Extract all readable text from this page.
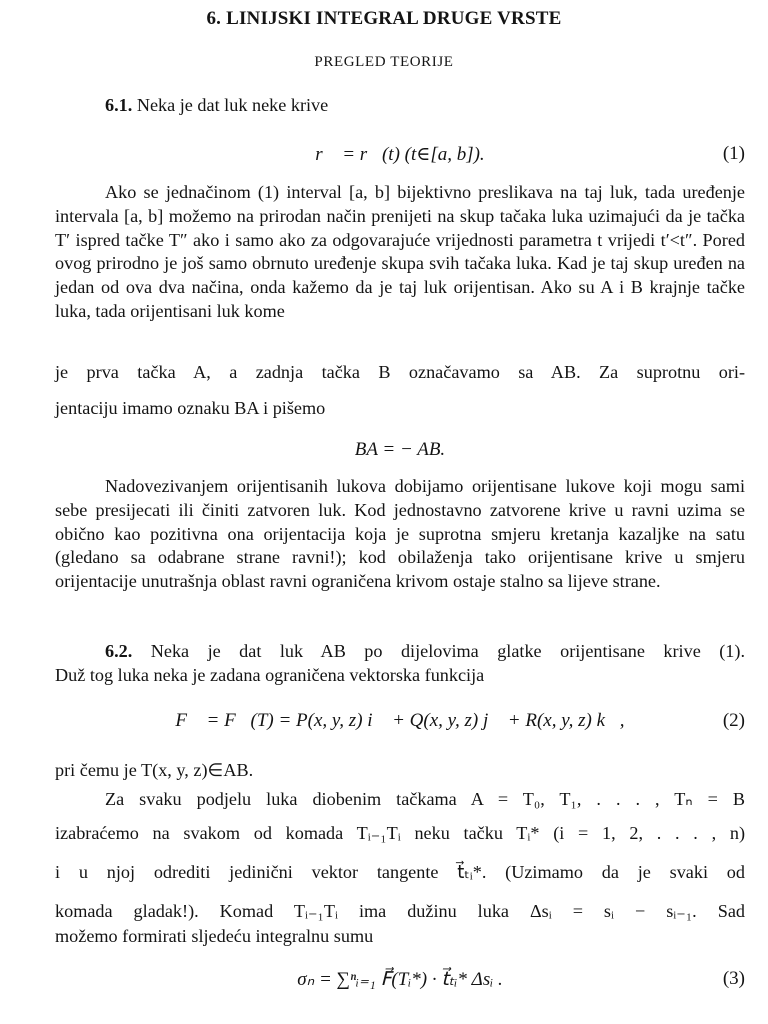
6. LINIJSKI INTEGRAL DRUGE VRSTE
PREGLED TEORIJE
6.1. Neka je dat luk neke krive
r⃗ = r⃗(t) (t∈[a, b]).	(1)
Ako se jednačinom (1) interval [a, b] bijektivno preslikava na taj luk, tada uređenje intervala [a, b] možemo na prirodan način prenijeti na skup tačaka luka uzimajući da je tačka T′ ispred tačke T″ ako i samo ako za odgovarajuće vrijednosti parametra t vrijedi t′<t″. Pored ovog prirodno je još samo obrnuto uređenje skupa svih tačaka luka. Kad je taj skup uređen na jedan od ova dva načina, onda kažemo da je taj luk orijentisan. Ako su A i B krajnje tačke luka, tada orijentisani luk kome
je prva tačka A, a zadnja tačka B označavamo sa AB. Za suprotnu ori-
jentaciju imamo oznaku BA i pišemo
BA = − AB.
Nadovezivanjem orijentisanih lukova dobijamo orijentisane lukove koji mogu sami sebe presijecati ili činiti zatvoren luk. Kod jednostavno zatvorene krive u ravni uzima se obično kao pozitivna ona orijentacija koja je suprotna smjeru kretanja kazaljke na satu (gledano sa odabrane strane ravni!); kod obilaženja tako orijentisane krive u smjeru orijentacije unutrašnja oblast ravni ograničena krivom ostaje stalno sa lijeve strane.
6.2. Neka je dat luk AB po dijelovima glatke orijentisane krive (1).
Duž tog luka neka je zadana ograničena vektorska funkcija
F⃗ = F⃗(T) = P(x, y, z) i⃗ + Q(x, y, z) j⃗ + R(x, y, z) k⃗,	(2)
pri čemu je T(x, y, z)∈AB.
Za svaku podjelu luka diobenim tačkama A = T₀, T₁, . . . , Tₙ = B
izabraćemo na svakom od komada Tᵢ₋₁Tᵢ neku tačku Tᵢ* (i = 1, 2, . . . , n)
i u njoj odrediti jedinični vektor tangente t⃗ₜᵢ*. (Uzimamo da je svaki od
komada gladak!). Komad Tᵢ₋₁Tᵢ ima dužinu luka Δsᵢ = sᵢ − sᵢ₋₁. Sad
možemo formirati sljedeću integralnu sumu
σₙ = ∑ⁿᵢ₌₁ F⃗(Tᵢ*) · t⃗ₜᵢ* Δsᵢ .	(3)
